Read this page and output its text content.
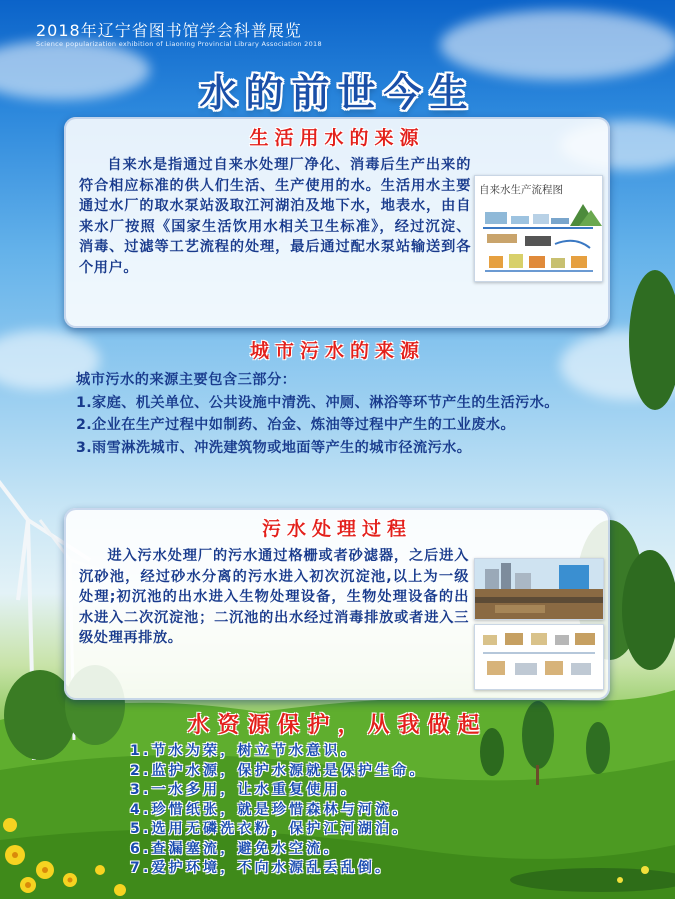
2018年辽宁省图书馆学会科普展览
Science popularization exhibition of Liaoning Provincial Library Association 2018
水的前世今生
生活用水的来源
自来水是指通过自来水处理厂净化、消毒后生产出来的符合相应标准的供人们生活、生产使用的水。生活用水主要通过水厂的取水泵站汲取江河湖泊及地下水，地表水，由自来水厂按照《国家生活饮用水相关卫生标准》，经过沉淀、消毒、过滤等工艺流程的处理，最后通过配水泵站输送到各个用户。
自来水生产流程图
城市污水的来源
城市污水的来源主要包含三部分：
1.家庭、机关单位、公共设施中清洗、冲厕、淋浴等环节产生的生活污水。
2.企业在生产过程中如制药、冶金、炼油等过程中产生的工业废水。
3.雨雪淋洗城市、冲洗建筑物或地面等产生的城市径流污水。
污水处理过程
进入污水处理厂的污水通过格栅或者砂滤器，之后进入沉砂池，经过砂水分离的污水进入初次沉淀池,以上为一级处理;初沉池的出水进入生物处理设备，生物处理设备的出水进入二次沉淀池；二沉池的出水经过消毒排放或者进入三级处理再排放。
水资源保护，从我做起
1.节水为荣，树立节水意识。
2.监护水源，保护水源就是保护生命。
3.一水多用，让水重复使用。
4.珍惜纸张，就是珍惜森林与河流。
5.选用无磷洗衣粉，保护江河湖泊。
6.查漏塞流，避免水空流。
7.爱护环境，不向水源乱丢乱倒。
